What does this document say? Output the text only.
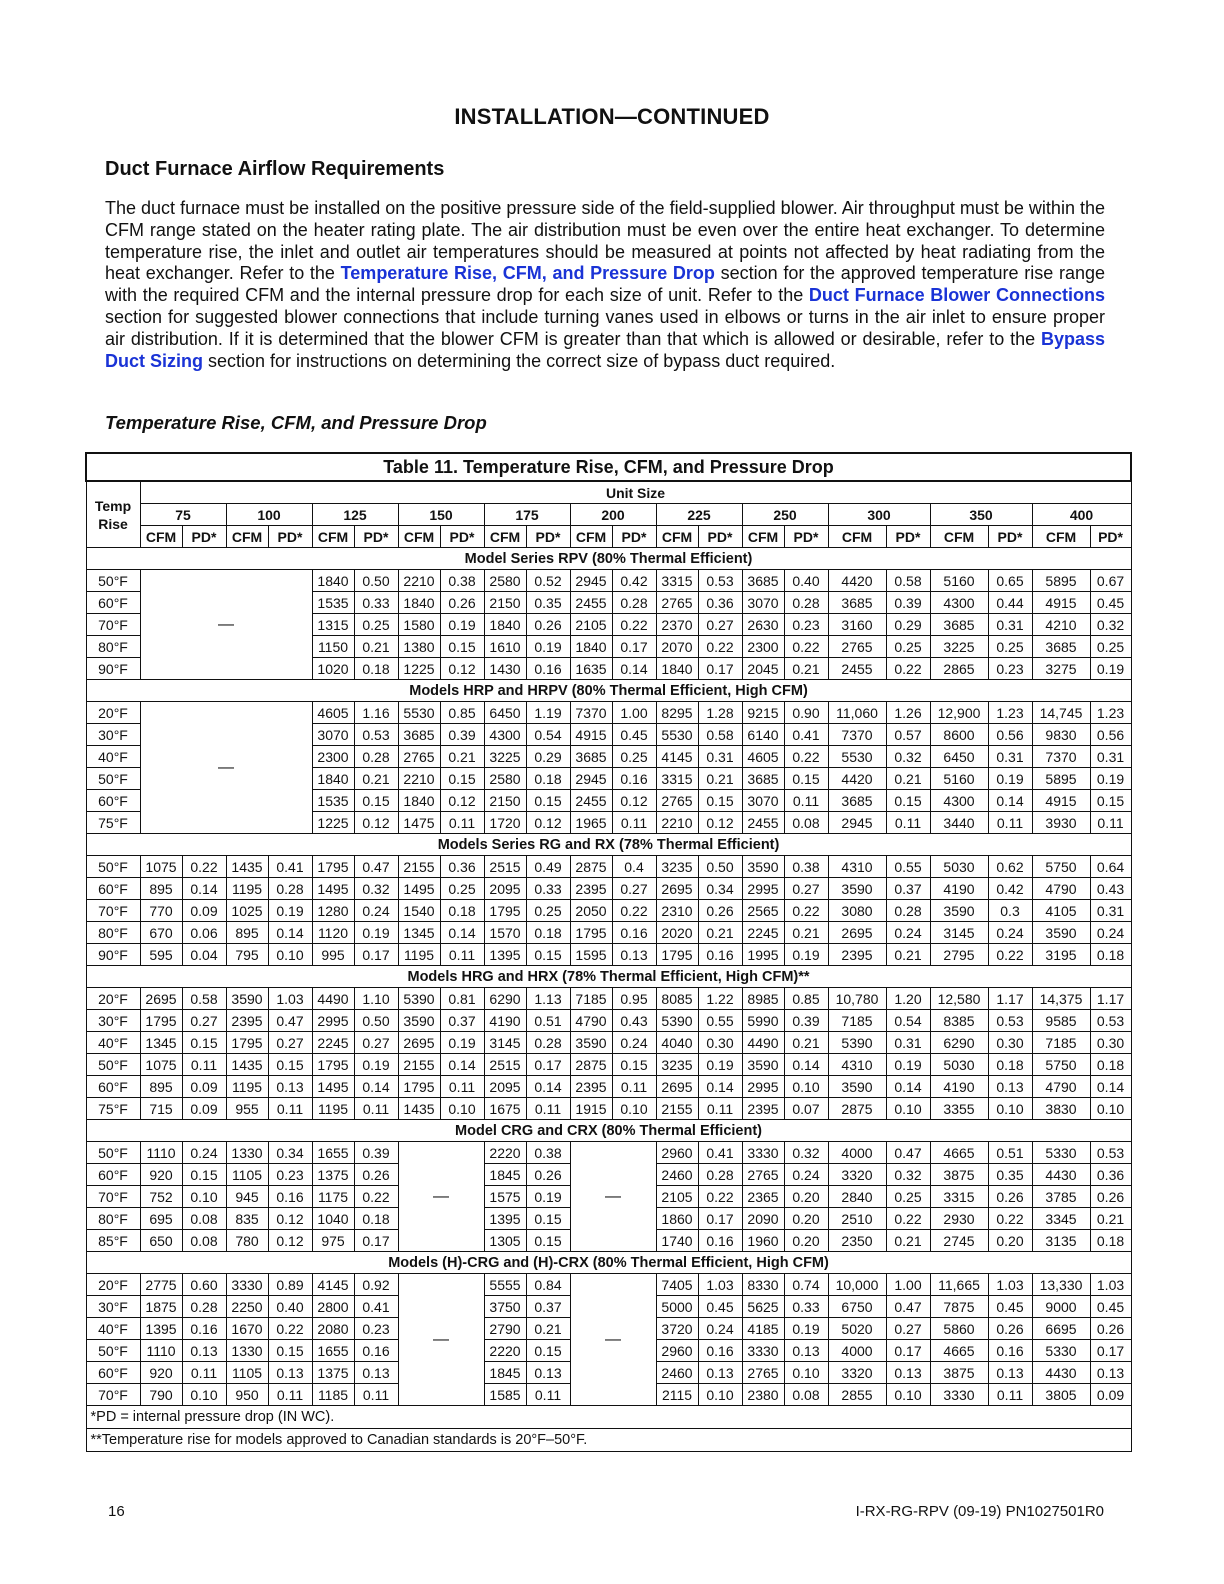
INSTALLATION—CONTINUED
Duct Furnace Airflow Requirements
The duct furnace must be installed on the positive pressure side of the field-supplied blower. Air throughput must be within the CFM range stated on the heater rating plate. The air distribution must be even over the entire heat exchanger. To determine temperature rise, the inlet and outlet air temperatures should be measured at points not affected by heat radiating from the heat exchanger. Refer to the Temperature Rise, CFM, and Pressure Drop section for the approved temperature rise range with the required CFM and the internal pressure drop for each size of unit. Refer to the Duct Furnace Blower Connections section for suggested blower connections that include turning vanes used in elbows or turns in the air inlet to ensure proper air distribution. If it is determined that the blower CFM is greater than that which is allowed or desirable, refer to the Bypass Duct Sizing section for instructions on determining the correct size of bypass duct required.
Temperature Rise, CFM, and Pressure Drop
Table 11. Temperature Rise, CFM, and Pressure Drop																						
Temp
Rise	Unit Size																					
	75		100		125		150		175		200		225		250		300		350		400	
	CFM	PD*	CFM	PD*	CFM	PD*	CFM	PD*	CFM	PD*	CFM	PD*	CFM	PD*	CFM	PD*	CFM	PD*	CFM	PD*	CFM	PD*
Model Series RPV (80% Thermal Efficient)																						
50°F	—				1840	0.50	2210	0.38	2580	0.52	2945	0.42	3315	0.53	3685	0.40	4420	0.58	5160	0.65	5895	0.67
60°F					1535	0.33	1840	0.26	2150	0.35	2455	0.28	2765	0.36	3070	0.28	3685	0.39	4300	0.44	4915	0.45
70°F					1315	0.25	1580	0.19	1840	0.26	2105	0.22	2370	0.27	2630	0.23	3160	0.29	3685	0.31	4210	0.32
80°F					1150	0.21	1380	0.15	1610	0.19	1840	0.17	2070	0.22	2300	0.22	2765	0.25	3225	0.25	3685	0.25
90°F					1020	0.18	1225	0.12	1430	0.16	1635	0.14	1840	0.17	2045	0.21	2455	0.22	2865	0.23	3275	0.19
Models HRP and HRPV (80% Thermal Efficient, High CFM)																						
20°F	—				4605	1.16	5530	0.85	6450	1.19	7370	1.00	8295	1.28	9215	0.90	11,060	1.26	12,900	1.23	14,745	1.23
30°F					3070	0.53	3685	0.39	4300	0.54	4915	0.45	5530	0.58	6140	0.41	7370	0.57	8600	0.56	9830	0.56
40°F					2300	0.28	2765	0.21	3225	0.29	3685	0.25	4145	0.31	4605	0.22	5530	0.32	6450	0.31	7370	0.31
50°F					1840	0.21	2210	0.15	2580	0.18	2945	0.16	3315	0.21	3685	0.15	4420	0.21	5160	0.19	5895	0.19
60°F					1535	0.15	1840	0.12	2150	0.15	2455	0.12	2765	0.15	3070	0.11	3685	0.15	4300	0.14	4915	0.15
75°F					1225	0.12	1475	0.11	1720	0.12	1965	0.11	2210	0.12	2455	0.08	2945	0.11	3440	0.11	3930	0.11
Models Series RG and RX (78% Thermal Efficient)																						
50°F	1075	0.22	1435	0.41	1795	0.47	2155	0.36	2515	0.49	2875	0.4	3235	0.50	3590	0.38	4310	0.55	5030	0.62	5750	0.64
60°F	895	0.14	1195	0.28	1495	0.32	1495	0.25	2095	0.33	2395	0.27	2695	0.34	2995	0.27	3590	0.37	4190	0.42	4790	0.43
70°F	770	0.09	1025	0.19	1280	0.24	1540	0.18	1795	0.25	2050	0.22	2310	0.26	2565	0.22	3080	0.28	3590	0.3	4105	0.31
80°F	670	0.06	895	0.14	1120	0.19	1345	0.14	1570	0.18	1795	0.16	2020	0.21	2245	0.21	2695	0.24	3145	0.24	3590	0.24
90°F	595	0.04	795	0.10	995	0.17	1195	0.11	1395	0.15	1595	0.13	1795	0.16	1995	0.19	2395	0.21	2795	0.22	3195	0.18
Models HRG and HRX (78% Thermal Efficient, High CFM)**																						
20°F	2695	0.58	3590	1.03	4490	1.10	5390	0.81	6290	1.13	7185	0.95	8085	1.22	8985	0.85	10,780	1.20	12,580	1.17	14,375	1.17
30°F	1795	0.27	2395	0.47	2995	0.50	3590	0.37	4190	0.51	4790	0.43	5390	0.55	5990	0.39	7185	0.54	8385	0.53	9585	0.53
40°F	1345	0.15	1795	0.27	2245	0.27	2695	0.19	3145	0.28	3590	0.24	4040	0.30	4490	0.21	5390	0.31	6290	0.30	7185	0.30
50°F	1075	0.11	1435	0.15	1795	0.19	2155	0.14	2515	0.17	2875	0.15	3235	0.19	3590	0.14	4310	0.19	5030	0.18	5750	0.18
60°F	895	0.09	1195	0.13	1495	0.14	1795	0.11	2095	0.14	2395	0.11	2695	0.14	2995	0.10	3590	0.14	4190	0.13	4790	0.14
75°F	715	0.09	955	0.11	1195	0.11	1435	0.10	1675	0.11	1915	0.10	2155	0.11	2395	0.07	2875	0.10	3355	0.10	3830	0.10
Model CRG and CRX (80% Thermal Efficient)																						
50°F	1110	0.24	1330	0.34	1655	0.39	—		2220	0.38	—		2960	0.41	3330	0.32	4000	0.47	4665	0.51	5330	0.53
60°F	920	0.15	1105	0.23	1375	0.26			1845	0.26			2460	0.28	2765	0.24	3320	0.32	3875	0.35	4430	0.36
70°F	752	0.10	945	0.16	1175	0.22			1575	0.19			2105	0.22	2365	0.20	2840	0.25	3315	0.26	3785	0.26
80°F	695	0.08	835	0.12	1040	0.18			1395	0.15			1860	0.17	2090	0.20	2510	0.22	2930	0.22	3345	0.21
85°F	650	0.08	780	0.12	975	0.17			1305	0.15			1740	0.16	1960	0.20	2350	0.21	2745	0.20	3135	0.18
Models (H)-CRG and (H)-CRX (80% Thermal Efficient, High CFM)																						
20°F	2775	0.60	3330	0.89	4145	0.92	—		5555	0.84	—		7405	1.03	8330	0.74	10,000	1.00	11,665	1.03	13,330	1.03
30°F	1875	0.28	2250	0.40	2800	0.41			3750	0.37			5000	0.45	5625	0.33	6750	0.47	7875	0.45	9000	0.45
40°F	1395	0.16	1670	0.22	2080	0.23			2790	0.21			3720	0.24	4185	0.19	5020	0.27	5860	0.26	6695	0.26
50°F	1110	0.13	1330	0.15	1655	0.16			2220	0.15			2960	0.16	3330	0.13	4000	0.17	4665	0.16	5330	0.17
60°F	920	0.11	1105	0.13	1375	0.13			1845	0.13			2460	0.13	2765	0.10	3320	0.13	3875	0.13	4430	0.13
70°F	790	0.10	950	0.11	1185	0.11			1585	0.11			2115	0.10	2380	0.08	2855	0.10	3330	0.11	3805	0.09
*PD = internal pressure drop (IN WC).																						
**Temperature rise for models approved to Canadian standards is 20°F–50°F.																						
16	I-RX-RG-RPV (09-19) PN1027501R0
